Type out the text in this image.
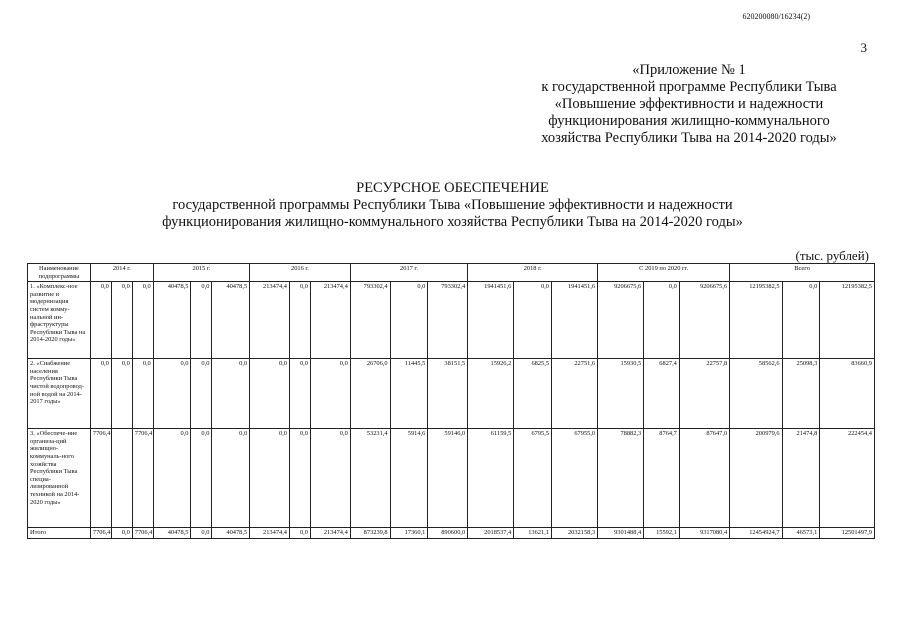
620200080/16234(2)
3
«Приложение № 1
к государственной программе Республики Тыва
«Повышение эффективности и надежности
функционирования жилищно-коммунального
хозяйства Республики Тыва на 2014-2020 годы»
РЕСУРСНОЕ ОБЕСПЕЧЕНИЕ
государственной программы Республики Тыва «Повышение эффективности и надежности
функционирования жилищно-коммунального хозяйства Республики Тыва на 2014-2020 годы»
(тыс. рублей)
Наименование подпрограммы	2014 г.			2015 г.			2016 г.			2017 г.			2018 г.			С 2019 по 2020 гг.			Всего		
1. «Комплекс-ное развитие и модернизация систем комму-нальной ин-фраструктуры Республики Тыва на 2014-2020 годы»	0,0	0,0	0,0	40478,5	0,0	40478,5	213474,4	0,0	213474,4	793302,4	0,0	793302,4	1941451,6	0,0	1941451,6	9206675,6	0,0	9206675,6	12195382,5	0,0	12195382,5
2. «Снабжение населения Республики Тыва чистой водопровод-ной водой на 2014-2017 годы»	0,0	0,0	0,0	0,0	0,0	0,0	0,0	0,0	0,0	26706,0	11445,5	38151,5	15926,2	6825,5	22751,6	15930,5	6827,4	22757,8	58562,6	25098,3	83660,9
3. «Обеспече-ние организа-ций жилищно-коммуналь-ного хозяйства Республики Тыва специа-лизированной техникой на 2014-2020 годы»	7706,4		7706,4	0,0	0,0	0,0	0,0	0,0	0,0	53231,4	5914,6	59146,0	61159,5	6795,5	67955,0	78882,3	8764,7	87647,0	200979,6	21474,8	222454,4
Итого	7706,4	0,0	7706,4	40478,5	0,0	40478,5	213474,4	0,0	213474,4	873239,8	17360,1	890600,0	2018537,4	13621,1	2032158,3	9301488,4	15592,1	9317080,4	12454924,7	46573,1	12501497,9
